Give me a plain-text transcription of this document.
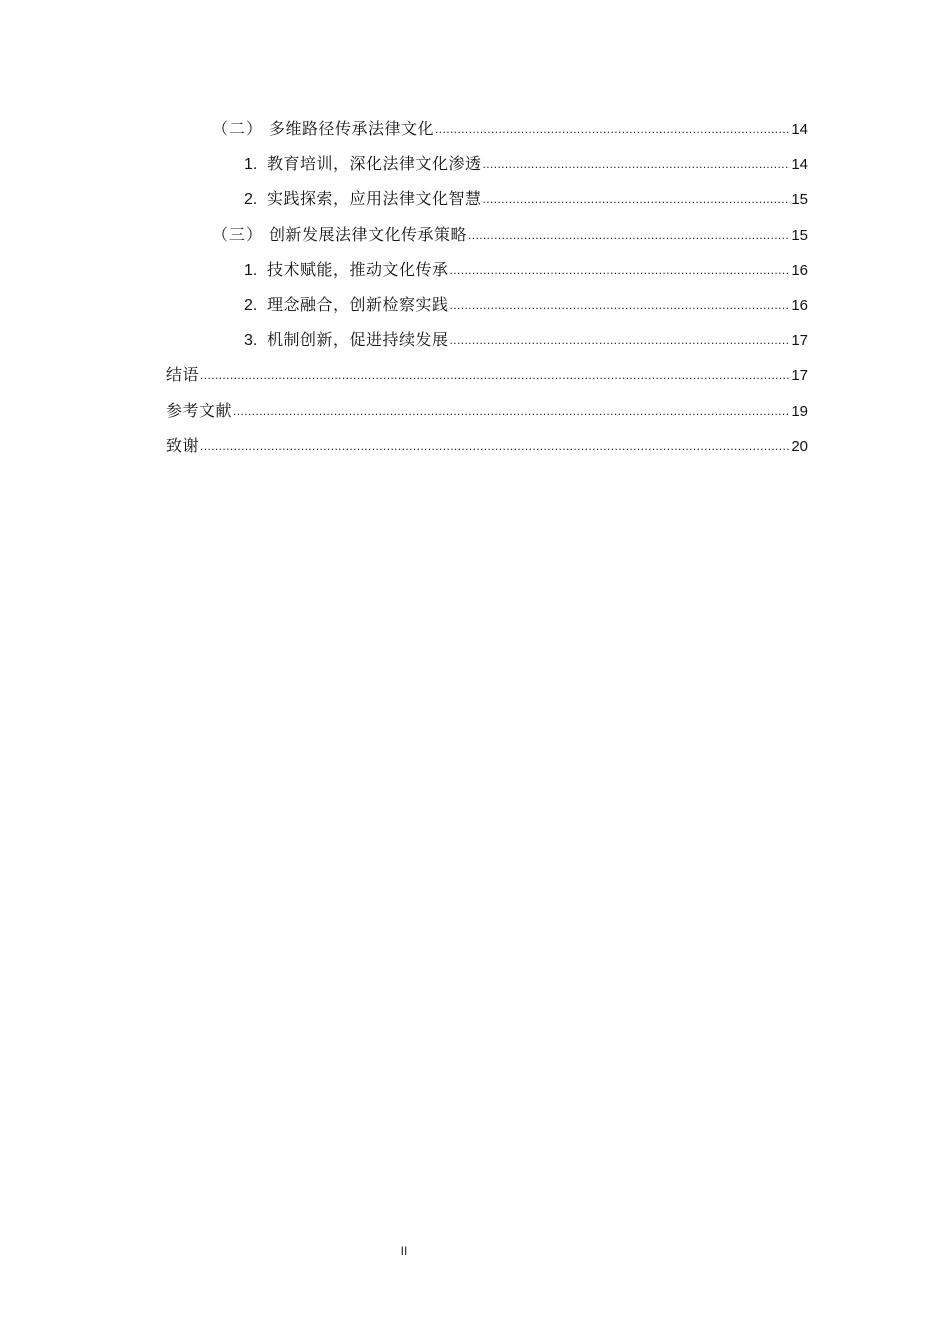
（二） 多维路径传承法律文化 .....	14
1. 教育培训，深化法律文化渗透 .....	14
2. 实践探索，应用法律文化智慧 .....	15
（三） 创新发展法律文化传承策略 .....	15
1. 技术赋能，推动文化传承 .....	16
2. 理念融合，创新检察实践 .....	16
3. 机制创新，促进持续发展 .....	17
结语 .....	17
参考文献 .....	19
致谢 .....	20
II
